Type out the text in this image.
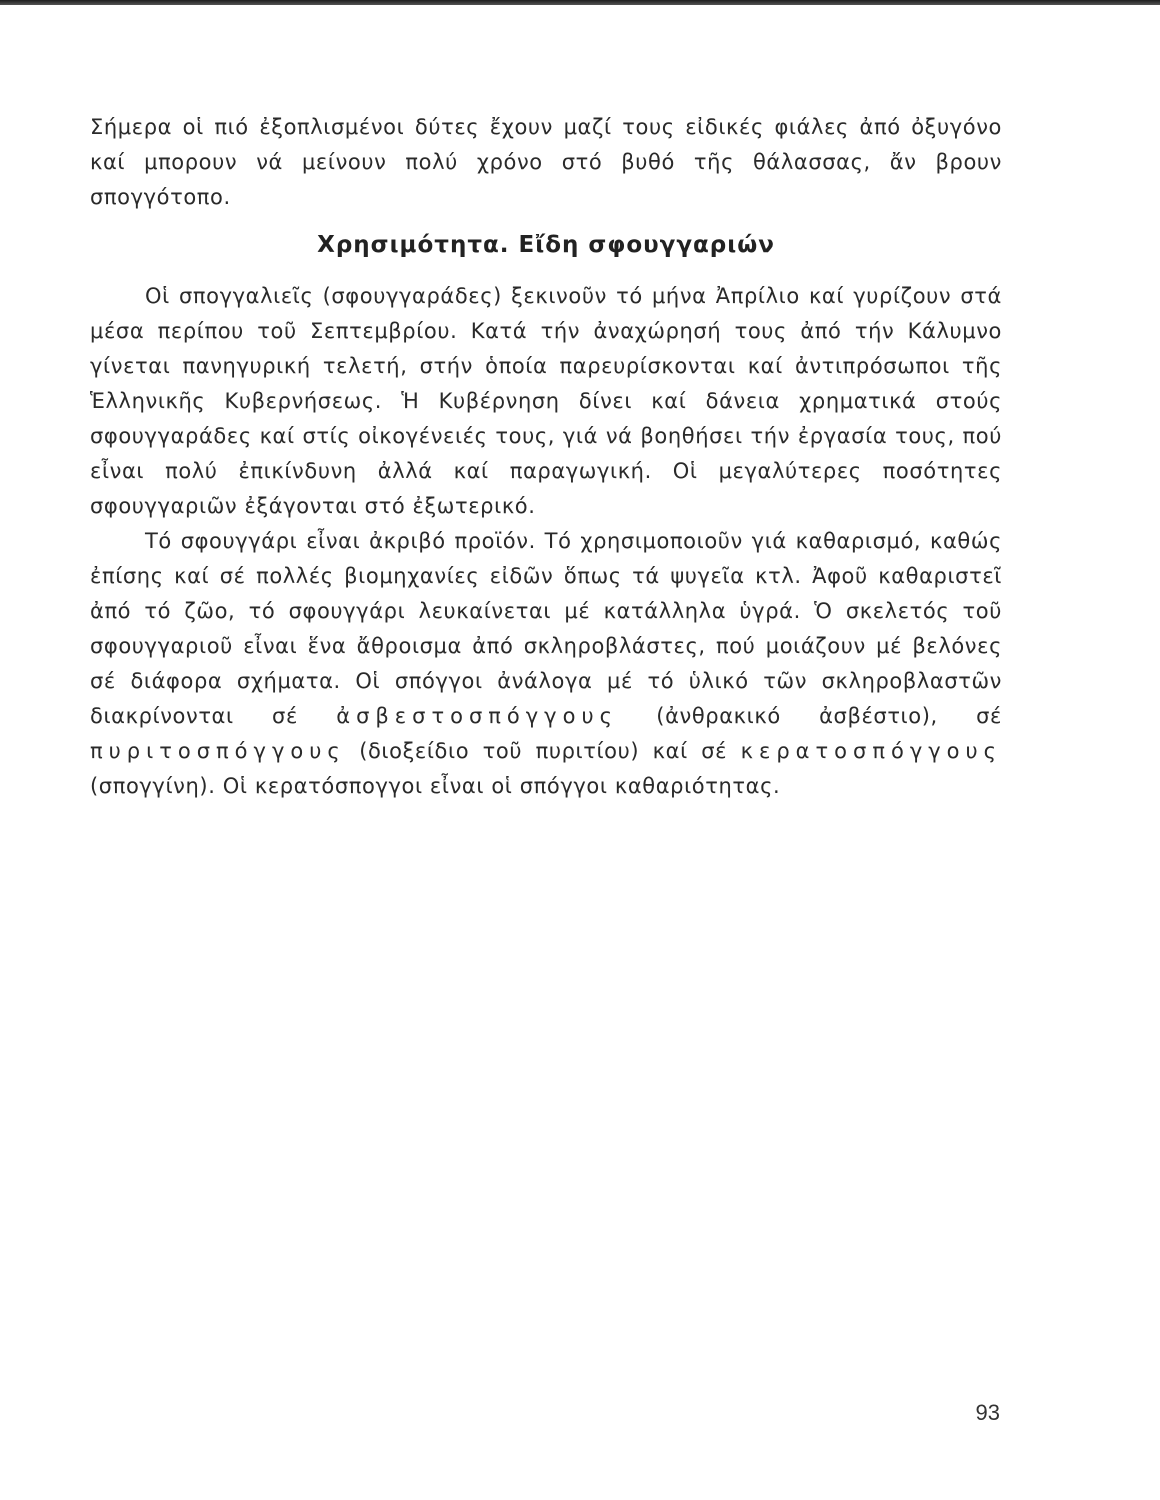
Σήμερα οἱ πιό ἐξοπλισμένοι δύτες ἔχουν μαζί τους εἰδικές φιάλες ἀπό ὀξυγόνο καί μπορουν νά μείνουν πολύ χρόνο στό βυθό τῆς θάλασσας, ἄν βρουν σπογγότοπο.

Χρησιμότητα. Εἴδη σφουγγαριών

Οἱ σπογγαλιεῖς (σφουγγαράδες) ξεκινοῦν τό μήνα Ἀπρίλιο καί γυρίζουν στά μέσα περίπου τοῦ Σεπτεμβρίου. Κατά τήν ἀναχώρησή τους ἀπό τήν Κάλυμνο γίνεται πανηγυρική τελετή, στήν ὁποία παρευρίσκονται καί ἀντιπρόσωποι τῆς Ἑλληνικῆς Κυβερνήσεως. Ἡ Κυβέρνηση δίνει καί δάνεια χρηματικά στούς σφουγγαράδες καί στίς οἰκογένειές τους, γιά νά βοηθήσει τήν ἐργασία τους, πού εἶναι πολύ ἐπικίνδυνη ἀλλά καί παραγωγική. Οἱ μεγαλύτερες ποσότητες σφουγγαριῶν ἐξάγονται στό ἐξωτερικό.

Τό σφουγγάρι εἶναι ἀκριβό προϊόν. Τό χρησιμοποιοῦν γιά καθαρισμό, καθώς ἐπίσης καί σέ πολλές βιομηχανίες εἰδῶν ὅπως τά ψυγεῖα κτλ. Ἀφοῦ καθαριστεῖ ἀπό τό ζῶο, τό σφουγγάρι λευκαίνεται μέ κατάλληλα ὑγρά. Ὁ σκελετός τοῦ σφουγγαριοῦ εἶναι ἕνα ἄθροισμα ἀπό σκληροβλάστες, πού μοιάζουν μέ βελόνες σέ διάφορα σχήματα. Οἱ σπόγγοι ἀνάλογα μέ τό ὑλικό τῶν σκληροβλαστῶν διακρίνονται σέ ἀσβεστοσπόγγους (ἀνθρακικό ἀσβέστιο), σέ πυριτοσπόγγους (διοξείδιο τοῦ πυριτίου) καί σέ κερατοσπόγγους (σπογγίνη). Οἱ κερατόσπογγοι εἶναι οἱ σπόγγοι καθαριότητας.

93
